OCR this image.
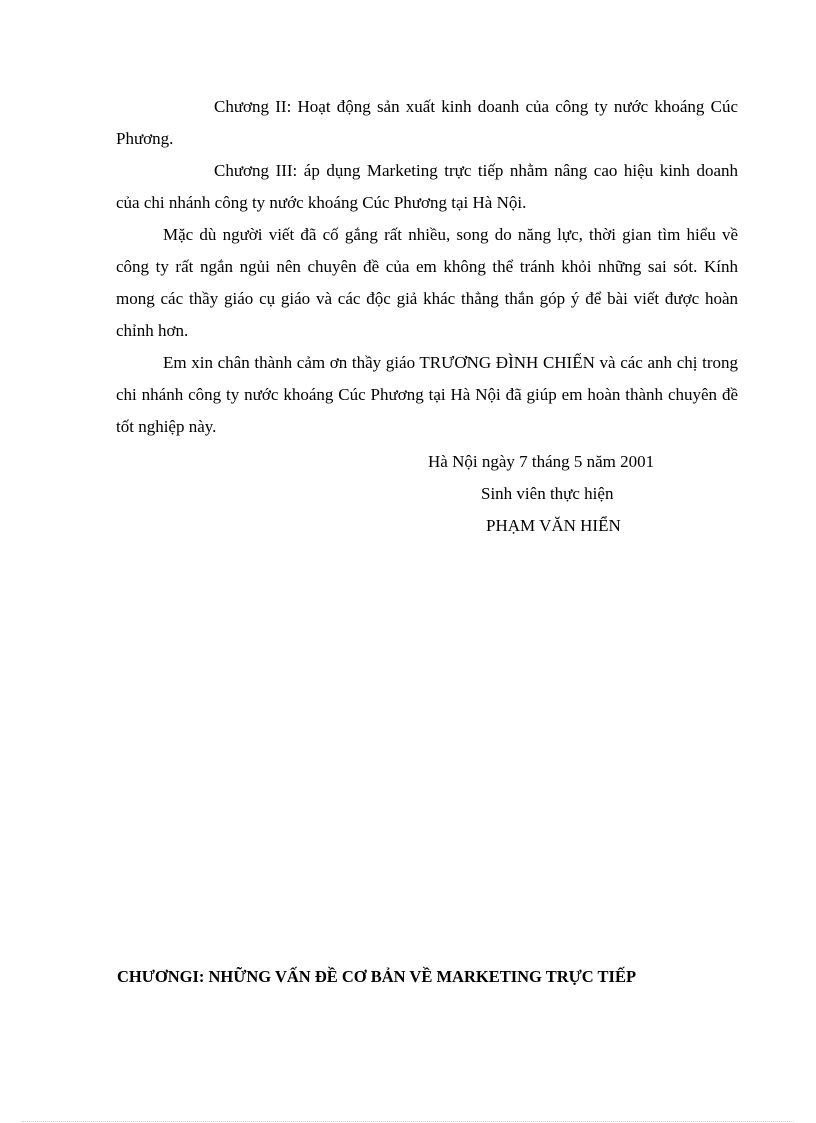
Chương II: Hoạt động sản xuất kinh doanh của công ty nước khoáng Cúc Phương.

Chương III: áp dụng Marketing trực tiếp nhằm nâng cao hiệu kinh doanh của chi nhánh công ty nước khoáng Cúc Phương tại Hà Nội.

Mặc dù người viết đã cố gắng rất nhiều, song do năng lực, thời gian tìm hiểu về công ty rất ngắn ngủi nên chuyên đề của em không thể tránh khỏi những sai sót. Kính mong các thầy giáo cụ giáo và các độc giả khác thẳng thắn góp ý để bài viết được hoàn chỉnh hơn.

Em xin chân thành cảm ơn thầy giáo TRƯƠNG ĐÌNH CHIẾN và các anh chị trong chi nhánh công ty nước khoáng Cúc Phương tại Hà Nội đã giúp em hoàn thành chuyên đề tốt nghiệp này.

Hà Nội ngày 7 tháng 5 năm 2001

Sinh viên thực hiện

PHẠM VĂN HIỂN

CHƯƠNGI: NHỮNG VẤN ĐỀ CƠ BẢN VỀ MARKETING TRỰC TIẾP
